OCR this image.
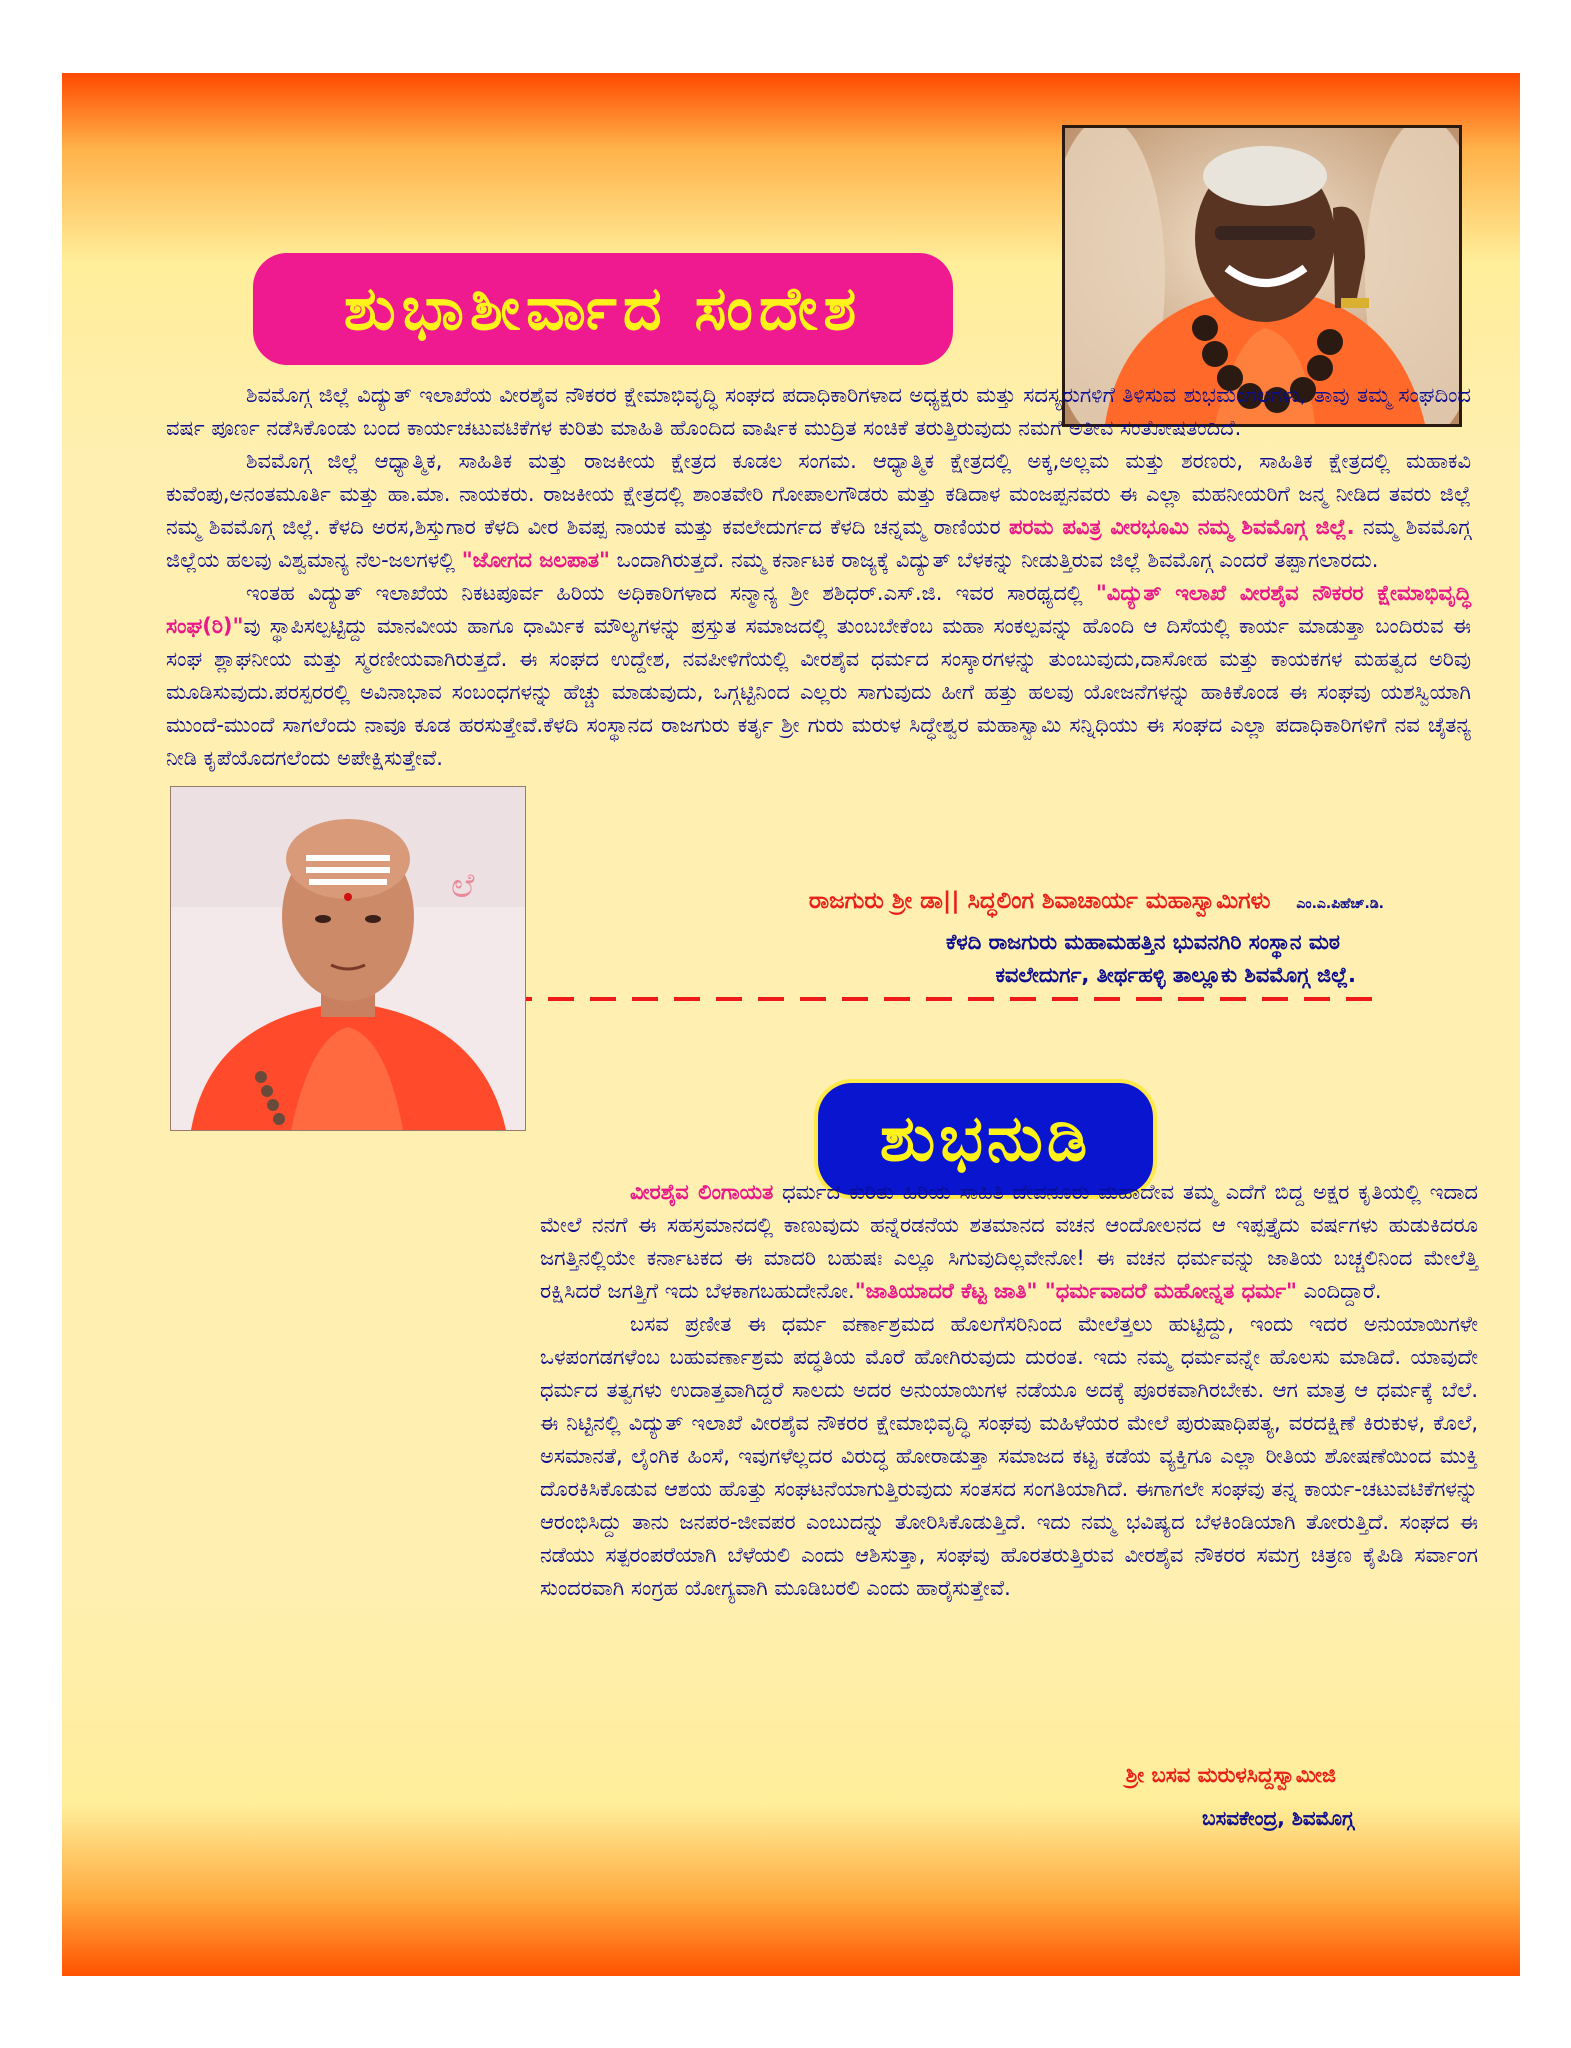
ಶುಭಾಶೀರ್ವಾದ ಸಂದೇಶ

ಶಿವಮೊಗ್ಗ ಜಿಲ್ಲೆ ವಿದ್ಯುತ್ ಇಲಾಖೆಯ ವೀರಶೈವ ನೌಕರರ ಕ್ಷೇಮಾಭಿವೃದ್ಧಿ ಸಂಘದ ಪದಾಧಿಕಾರಿಗಳಾದ ಅಧ್ಯಕ್ಷರು ಮತ್ತು ಸದಸ್ಯರುಗಳಿಗೆ ತಿಳಿಸುವ ಶುಭಮಂಗಲಗಳು, ತಾವು ತಮ್ಮ ಸಂಘದಿಂದ ವರ್ಷ ಪೂರ್ಣ ನಡೆಸಿಕೊಂಡು ಬಂದ ಕಾರ್ಯಚಟುವಟಿಕೆಗಳ ಕುರಿತು ಮಾಹಿತಿ ಹೊಂದಿದ ವಾರ್ಷಿಕ ಮುದ್ರಿತ ಸಂಚಿಕೆ ತರುತ್ತಿರುವುದು ನಮಗೆ ಅತೀವ ಸಂತೋಷತಂದಿದೆ.

ಶಿವಮೊಗ್ಗ ಜಿಲ್ಲೆ ಆಧ್ಯಾತ್ಮಿಕ, ಸಾಹಿತಿಕ ಮತ್ತು ರಾಜಕೀಯ ಕ್ಷೇತ್ರದ ಕೂಡಲ ಸಂಗಮ. ಆಧ್ಯಾತ್ಮಿಕ ಕ್ಷೇತ್ರದಲ್ಲಿ ಅಕ್ಕ,ಅಲ್ಲಮ ಮತ್ತು ಶರಣರು, ಸಾಹಿತಿಕ ಕ್ಷೇತ್ರದಲ್ಲಿ ಮಹಾಕವಿ ಕುವೆಂಪು,ಅನಂತಮೂರ್ತಿ ಮತ್ತು ಹಾ.ಮಾ. ನಾಯಕರು. ರಾಜಕೀಯ ಕ್ಷೇತ್ರದಲ್ಲಿ ಶಾಂತವೇರಿ ಗೋಪಾಲಗೌಡರು ಮತ್ತು ಕಡಿದಾಳ ಮಂಜಪ್ಪನವರು ಈ ಎಲ್ಲಾ ಮಹನೀಯರಿಗೆ ಜನ್ಮ ನೀಡಿದ ತವರು ಜಿಲ್ಲೆ ನಮ್ಮ ಶಿವಮೊಗ್ಗ ಜಿಲ್ಲೆ. ಕೆಳದಿ ಅರಸ,ಶಿಸ್ತುಗಾರ ಕೆಳದಿ ವೀರ ಶಿವಪ್ಪ ನಾಯಕ ಮತ್ತು ಕವಲೇದುರ್ಗದ ಕೆಳದಿ ಚನ್ನಮ್ಮ ರಾಣಿಯರ ಪರಮ ಪವಿತ್ರ ವೀರಭೂಮಿ ನಮ್ಮ ಶಿವಮೊಗ್ಗ ಜಿಲ್ಲೆ. ನಮ್ಮ ಶಿವಮೊಗ್ಗ ಜಿಲ್ಲೆಯ ಹಲವು ವಿಶ್ವಮಾನ್ಯ ನೆಲ-ಜಲಗಳಲ್ಲಿ "ಜೋಗದ ಜಲಪಾತ" ಒಂದಾಗಿರುತ್ತದೆ. ನಮ್ಮ ಕರ್ನಾಟಕ ರಾಜ್ಯಕ್ಕೆ ವಿದ್ಯುತ್ ಬೆಳಕನ್ನು ನೀಡುತ್ತಿರುವ ಜಿಲ್ಲೆ ಶಿವಮೊಗ್ಗ ಎಂದರೆ ತಪ್ಪಾಗಲಾರದು.

ಇಂತಹ ವಿದ್ಯುತ್ ಇಲಾಖೆಯ ನಿಕಟಪೂರ್ವ ಹಿರಿಯ ಅಧಿಕಾರಿಗಳಾದ ಸನ್ಮಾನ್ಯ ಶ್ರೀ ಶಶಿಧರ್.ಎಸ್.ಜಿ. ಇವರ ಸಾರಥ್ಯದಲ್ಲಿ "ವಿದ್ಯುತ್ ಇಲಾಖೆ ವೀರಶೈವ ನೌಕರರ ಕ್ಷೇಮಾಭಿವೃದ್ಧಿ ಸಂಘ(ರಿ)"ವು ಸ್ಥಾಪಿಸಲ್ಪಟ್ಟಿದ್ದು ಮಾನವೀಯ ಹಾಗೂ ಧಾರ್ಮಿಕ ಮೌಲ್ಯಗಳನ್ನು ಪ್ರಸ್ತುತ ಸಮಾಜದಲ್ಲಿ ತುಂಬಬೇಕೆಂಬ ಮಹಾ ಸಂಕಲ್ಪವನ್ನು ಹೊಂದಿ ಆ ದಿಸೆಯಲ್ಲಿ ಕಾರ್ಯ ಮಾಡುತ್ತಾ ಬಂದಿರುವ ಈ ಸಂಘ ಶ್ಲಾಘನೀಯ ಮತ್ತು ಸ್ಮರಣೀಯವಾಗಿರುತ್ತದೆ. ಈ ಸಂಘದ ಉದ್ದೇಶ, ನವಪೀಳಿಗೆಯಲ್ಲಿ ವೀರಶೈವ ಧರ್ಮದ ಸಂಸ್ಕಾರಗಳನ್ನು ತುಂಬುವುದು,ದಾಸೋಹ ಮತ್ತು ಕಾಯಕಗಳ ಮಹತ್ವದ ಅರಿವು ಮೂಡಿಸುವುದು.ಪರಸ್ಪರರಲ್ಲಿ ಅವಿನಾಭಾವ ಸಂಬಂಧಗಳನ್ನು ಹೆಚ್ಚು ಮಾಡುವುದು, ಒಗ್ಗಟ್ಟಿನಿಂದ ಎಲ್ಲರು ಸಾಗುವುದು ಹೀಗೆ ಹತ್ತು ಹಲವು ಯೋಜನೆಗಳನ್ನು ಹಾಕಿಕೊಂಡ ಈ ಸಂಘವು ಯಶಸ್ವಿಯಾಗಿ ಮುಂದೆ-ಮುಂದೆ ಸಾಗಲೆಂದು ನಾವೂ ಕೂಡ ಹರಸುತ್ತೇವೆ.ಕೆಳದಿ ಸಂಸ್ಥಾನದ ರಾಜಗುರು ಕರ್ತೃ ಶ್ರೀ ಗುರು ಮರುಳ ಸಿದ್ಧೇಶ್ವರ ಮಹಾಸ್ವಾಮಿ ಸನ್ನಿಧಿಯು ಈ ಸಂಘದ ಎಲ್ಲಾ ಪದಾಧಿಕಾರಿಗಳಿಗೆ ನವ ಚೈತನ್ಯ ನೀಡಿ ಕೃಪೆಯೊದಗಲೆಂದು ಅಪೇಕ್ಷಿಸುತ್ತೇವೆ.

ರಾಜಗುರು ಶ್ರೀ ಡಾ|| ಸಿದ್ಧಲಿಂಗ ಶಿವಾಚಾರ್ಯ ಮಹಾಸ್ವಾಮಿಗಳು ಎಂ.ಎ.ಪಿಹೆಚ್.ಡಿ.
ಕೆಳದಿ ರಾಜಗುರು ಮಹಾಮಹತ್ತಿನ ಭುವನಗಿರಿ ಸಂಸ್ಥಾನ ಮಠ
ಕವಲೇದುರ್ಗ, ತೀರ್ಥಹಳ್ಳಿ ತಾಲ್ಲೂಕು ಶಿವಮೊಗ್ಗ ಜಿಲ್ಲೆ.
ಲೆ
ಶುಭನುಡಿ

ವೀರಶೈವ ಲಿಂಗಾಯತ ಧರ್ಮದ ಕುರಿತು ಹಿರಿಯ ಸಾಹಿತಿ ದೇವನೂರು ಮಹಾದೇವ ತಮ್ಮ ಎದೆಗೆ ಬಿದ್ದ ಅಕ್ಷರ ಕೃತಿಯಲ್ಲಿ ಇದಾದ ಮೇಲೆ ನನಗೆ ಈ ಸಹಸ್ರಮಾನದಲ್ಲಿ ಕಾಣುವುದು ಹನ್ನೆರಡನೆಯ ಶತಮಾನದ ವಚನ ಆಂದೋಲನದ ಆ ಇಪ್ಪತ್ತೈದು ವರ್ಷಗಳು ಹುಡುಕಿದರೂ ಜಗತ್ತಿನಲ್ಲಿಯೇ ಕರ್ನಾಟಕದ ಈ ಮಾದರಿ ಬಹುಷಃ ಎಲ್ಲೂ ಸಿಗುವುದಿಲ್ಲವೇನೋ! ಈ ವಚನ ಧರ್ಮವನ್ನು ಜಾತಿಯ ಬಚ್ಚಲಿನಿಂದ ಮೇಲೆತ್ತಿ ರಕ್ಷಿಸಿದರೆ ಜಗತ್ತಿಗೆ ಇದು ಬೆಳಕಾಗಬಹುದೇನೋ."ಜಾತಿಯಾದರೆ ಕೆಟ್ಟ ಜಾತಿ" "ಧರ್ಮವಾದರೆ ಮಹೋನ್ನತ ಧರ್ಮ" ಎಂದಿದ್ದಾರೆ.

ಬಸವ ಪ್ರಣೀತ ಈ ಧರ್ಮ ವರ್ಣಾಶ್ರಮದ ಹೊಲಗೆಸರಿನಿಂದ ಮೇಲೆತ್ತಲು ಹುಟ್ಟಿದ್ದು, ಇಂದು ಇದರ ಅನುಯಾಯಿಗಳೇ ಒಳಪಂಗಡಗಳೆಂಬ ಬಹುವರ್ಣಾಶ್ರಮ ಪದ್ಧತಿಯ ಮೊರೆ ಹೋಗಿರುವುದು ದುರಂತ. ಇದು ನಮ್ಮ ಧರ್ಮವನ್ನೇ ಹೊಲಸು ಮಾಡಿದೆ. ಯಾವುದೇ ಧರ್ಮದ ತತ್ವಗಳು ಉದಾತ್ತವಾಗಿದ್ದರೆ ಸಾಲದು ಅದರ ಅನುಯಾಯಿಗಳ ನಡೆಯೂ ಅದಕ್ಕೆ ಪೂರಕವಾಗಿರಬೇಕು. ಆಗ ಮಾತ್ರ ಆ ಧರ್ಮಕ್ಕೆ ಬೆಲೆ. ಈ ನಿಟ್ಟಿನಲ್ಲಿ ವಿದ್ಯುತ್ ಇಲಾಖೆ ವೀರಶೈವ ನೌಕರರ ಕ್ಷೇಮಾಭಿವೃದ್ಧಿ ಸಂಘವು ಮಹಿಳೆಯರ ಮೇಲೆ ಪುರುಷಾಧಿಪತ್ಯ, ವರದಕ್ಷಿಣೆ ಕಿರುಕುಳ, ಕೊಲೆ, ಅಸಮಾನತೆ, ಲೈಂಗಿಕ ಹಿಂಸೆ, ಇವುಗಳೆಲ್ಲದರ ವಿರುದ್ಧ ಹೋರಾಡುತ್ತಾ ಸಮಾಜದ ಕಟ್ಟ ಕಡೆಯ ವ್ಯಕ್ತಿಗೂ ಎಲ್ಲಾ ರೀತಿಯ ಶೋಷಣೆಯಿಂದ ಮುಕ್ತಿ ದೊರಕಿಸಿಕೊಡುವ ಆಶಯ ಹೊತ್ತು ಸಂಘಟನೆಯಾಗುತ್ತಿರುವುದು ಸಂತಸದ ಸಂಗತಿಯಾಗಿದೆ. ಈಗಾಗಲೇ ಸಂಘವು ತನ್ನ ಕಾರ್ಯ-ಚಟುವಟಿಕೆಗಳನ್ನು ಆರಂಭಿಸಿದ್ದು ತಾನು ಜನಪರ-ಜೀವಪರ ಎಂಬುದನ್ನು ತೋರಿಸಿಕೊಡುತ್ತಿದೆ. ಇದು ನಮ್ಮ ಭವಿಷ್ಯದ ಬೆಳಕಿಂಡಿಯಾಗಿ ತೋರುತ್ತಿದೆ. ಸಂಘದ ಈ ನಡೆಯು ಸತ್ಪರಂಪರೆಯಾಗಿ ಬೆಳೆಯಲಿ ಎಂದು ಆಶಿಸುತ್ತಾ, ಸಂಘವು ಹೊರತರುತ್ತಿರುವ ವೀರಶೈವ ನೌಕರರ ಸಮಗ್ರ ಚಿತ್ರಣ ಕೈಪಿಡಿ ಸರ್ವಾಂಗ ಸುಂದರವಾಗಿ ಸಂಗ್ರಹ ಯೋಗ್ಯವಾಗಿ ಮೂಡಿಬರಲಿ ಎಂದು ಹಾರೈಸುತ್ತೇವೆ.

ಶ್ರೀ ಬಸವ ಮರುಳಸಿದ್ದಸ್ವಾಮೀಜಿ
ಬಸವಕೇಂದ್ರ, ಶಿವಮೊಗ್ಗ
